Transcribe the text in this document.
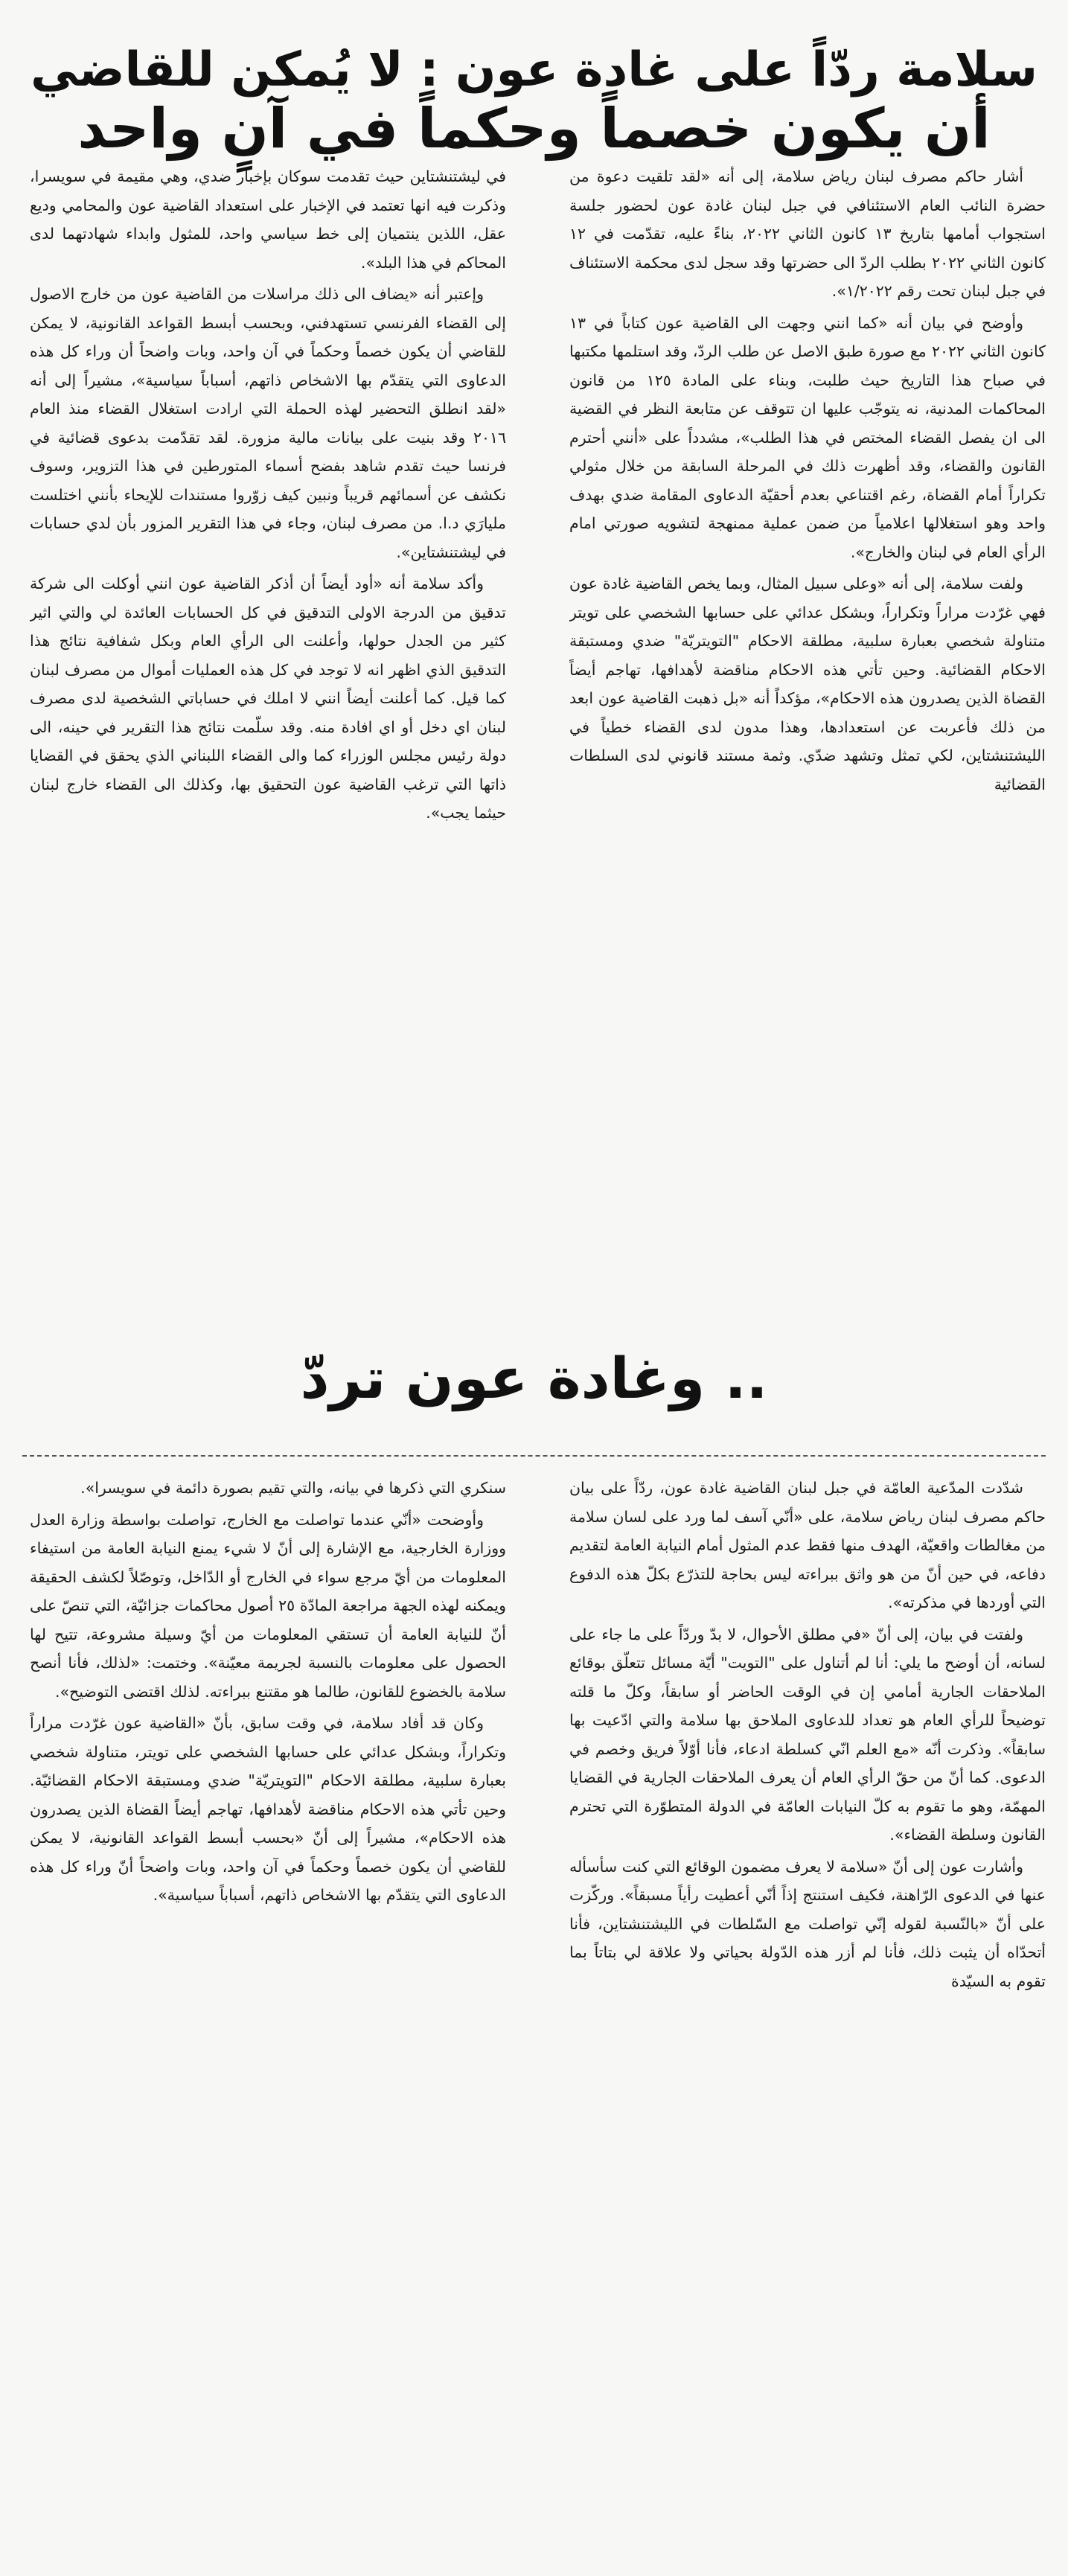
سلامة ردّاً على غادة عون : لا يُمكن للقاضي
أن يكون خصماً وحكماً في آنٍ واحد

أشار حاكم مصرف لبنان رياض سلامة، إلى أنه «لقد تلقيت دعوة من حضرة النائب العام الاستئنافي في جبل لبنان غادة عون لحضور جلسة استجواب أمامها بتاريخ ١٣ كانون الثاني ٢٠٢٢، بناءً عليه، تقدّمت في ١٢ كانون الثاني ٢٠٢٢ بطلب الردّ الى حضرتها وقد سجل لدى محكمة الاستئناف في جبل لبنان تحت رقم ١/٢٠٢٢».

وأوضح في بيان أنه «كما انني وجهت الى القاضية عون كتاباً في ١٣ كانون الثاني ٢٠٢٢ مع صورة طبق الاصل عن طلب الردّ، وقد استلمها مكتبها في صباح هذا التاريخ حيث طلبت، وبناء على المادة ١٢٥ من قانون المحاكمات المدنية، نه يتوجّب عليها ان تتوقف عن متابعة النظر في القضية الى ان يفصل القضاء المختص في هذا الطلب»، مشدداً على «أنني أحترم القانون والقضاء، وقد أظهرت ذلك في المرحلة السابقة من خلال مثولي تكراراً أمام القضاة، رغم اقتناعي بعدم أحقيّة الدعاوى المقامة ضدي بهدف واحد وهو استغلالها اعلامياً من ضمن عملية ممنهجة لتشويه صورتي امام الرأي العام في لبنان والخارج».

ولفت سلامة، إلى أنه «وعلى سبيل المثال، وبما يخص القاضية غادة عون فهي غرّدت مراراً وتكراراً، وبشكل عدائي على حسابها الشخصي على تويتر متناولة شخصي بعبارة سلبية، مطلقة الاحكام "التويتريّة" ضدي ومستبقة الاحكام القضائية. وحين تأتي هذه الاحكام مناقضة لأهدافها، تهاجم أيضاً القضاة الذين يصدرون هذه الاحكام»، مؤكداً أنه «بل ذهبت القاضية عون ابعد من ذلك فأعربت عن استعدادها، وهذا مدون لدى القضاء خطياً في الليشتنشتاين، لكي تمثل وتشهد ضدّي. وثمة مستند قانوني لدى السلطات القضائية

في ليشتنشتاين حيث تقدمت سوكان بإخبار ضدي، وهي مقيمة في سويسرا، وذكرت فيه انها تعتمد في الإخبار على استعداد القاضية عون والمحامي وديع عقل، اللذين ينتميان إلى خط سياسي واحد، للمثول وابداء شهادتهما لدى المحاكم في هذا البلد».

وإعتبر أنه «يضاف الى ذلك مراسلات من القاضية عون من خارج الاصول إلى القضاء الفرنسي تستهدفني، وبحسب أبسط القواعد القانونية، لا يمكن للقاضي أن يكون خصماً وحكماً في آن واحد، وبات واضحاً أن وراء كل هذه الدعاوى التي يتقدّم بها الاشخاص ذاتهم، أسباباً سياسية»، مشيراً إلى أنه «لقد انطلق التحضير لهذه الحملة التي ارادت استغلال القضاء منذ العام ٢٠١٦ وقد بنيت على بيانات مالية مزورة. لقد تقدّمت بدعوى قضائية في فرنسا حيث تقدم شاهد بفضح أسماء المتورطين في هذا التزوير، وسوف نكشف عن أسمائهم قريباً ونبين كيف زوّروا مستندات للإيحاء بأنني اختلست مليارَي د.ا. من مصرف لبنان، وجاء في هذا التقرير المزور بأن لدي حسابات في ليشتنشتاين».

وأكد سلامة أنه «أود أيضاً أن أذكر القاضية عون انني أوكلت الى شركة تدقيق من الدرجة الاولى التدقيق في كل الحسابات العائدة لي والتي اثير كثير من الجدل حولها، وأعلنت الى الرأي العام وبكل شفافية نتائج هذا التدقيق الذي اظهر انه لا توجد في كل هذه العمليات أموال من مصرف لبنان كما قيل. كما أعلنت أيضاً انني لا املك في حساباتي الشخصية لدى مصرف لبنان اي دخل أو اي افادة منه. وقد سلّمت نتائج هذا التقرير في حينه، الى دولة رئيس مجلس الوزراء كما والى القضاء اللبناني الذي يحقق في القضايا ذاتها التي ترغب القاضية عون التحقيق بها، وكذلك الى القضاء خارج لبنان حيثما يجب».

.. وغادة عون تردّ

شدّدت المدّعية العامّة في جبل لبنان القاضية غادة عون، ردّاً على بيان حاكم مصرف لبنان رياض سلامة، على «أنّي آسف لما ورد على لسان سلامة من مغالطات واقعيّة، الهدف منها فقط عدم المثول أمام النيابة العامة لتقديم دفاعه، في حين أنّ من هو واثق ببراءته ليس بحاجة للتذرّع بكلّ هذه الدفوع التي أوردها في مذكرته».

ولفتت في بيان، إلى أنّ «في مطلق الأحوال، لا بدّ وردّاً على ما جاء على لسانه، أن أوضح ما يلي: أنا لم أتناول على "التويت" أيّة مسائل تتعلّق بوقائع الملاحقات الجارية أمامي إن في الوقت الحاضر أو سابقاً، وكلّ ما قلته توضيحاً للرأي العام هو تعداد للدعاوى الملاحق بها سلامة والتي ادّعيت بها سابقاً». وذكرت أنّه «مع العلم انّي كسلطة ادعاء، فأنا أوّلاً فريق وخصم في الدعوى. كما أنّ من حقّ الرأي العام أن يعرف الملاحقات الجارية في القضايا المهمّة، وهو ما تقوم به كلّ النيابات العامّة في الدولة المتطوّرة التي تحترم القانون وسلطة القضاء».

وأشارت عون إلى أنّ «سلامة لا يعرف مضمون الوقائع التي كنت سأسأله عنها في الدعوى الرّاهنة، فكيف استنتج إذاً أنّي أعطيت رأياً مسبقاً». وركّزت على أنّ «بالنّسبة لقوله إنّي تواصلت مع السّلطات في الليشتنشتاين، فأنا أتحدّاه أن يثبت ذلك، فأنا لم أزر هذه الدّولة بحياتي ولا علاقة لي بتاتاً بما تقوم به السيّدة

سنكري التي ذكرها في بيانه، والتي تقيم بصورة دائمة في سويسرا».

وأوضحت «أنّي عندما تواصلت مع الخارج، تواصلت بواسطة وزارة العدل ووزارة الخارجية، مع الإشارة إلى أنّ لا شيء يمنع النيابة العامة من استيفاء المعلومات من أيّ مرجع سواء في الخارج أو الدّاخل، وتوصّلاً لكشف الحقيقة ويمكنه لهذه الجهة مراجعة المادّة ٢٥ أصول محاكمات جزائيّة، التي تنصّ على أنّ للنيابة العامة أن تستقي المعلومات من أيّ وسيلة مشروعة، تتيح لها الحصول على معلومات بالنسبة لجريمة معيّنة». وختمت: «لذلك، فأنا أنصح سلامة بالخضوع للقانون، طالما هو مقتنع ببراءته. لذلك اقتضى التوضيح».

وكان قد أفاد سلامة، في وقت سابق، بأنّ «القاضية عون غرّدت مراراً وتكراراً، وبشكل عدائي على حسابها الشخصي على تويتر، متناولة شخصي بعبارة سلبية، مطلقة الاحكام "التويتريّة" ضدي ومستبقة الاحكام القضائيّة. وحين تأتي هذه الاحكام مناقضة لأهدافها، تهاجم أيضاً القضاة الذين يصدرون هذه الاحكام»، مشيراً إلى أنّ «بحسب أبسط القواعد القانونية، لا يمكن للقاضي أن يكون خصماً وحكماً في آن واحد، وبات واضحاً أنّ وراء كل هذه الدعاوى التي يتقدّم بها الاشخاص ذاتهم، أسباباً سياسية».
